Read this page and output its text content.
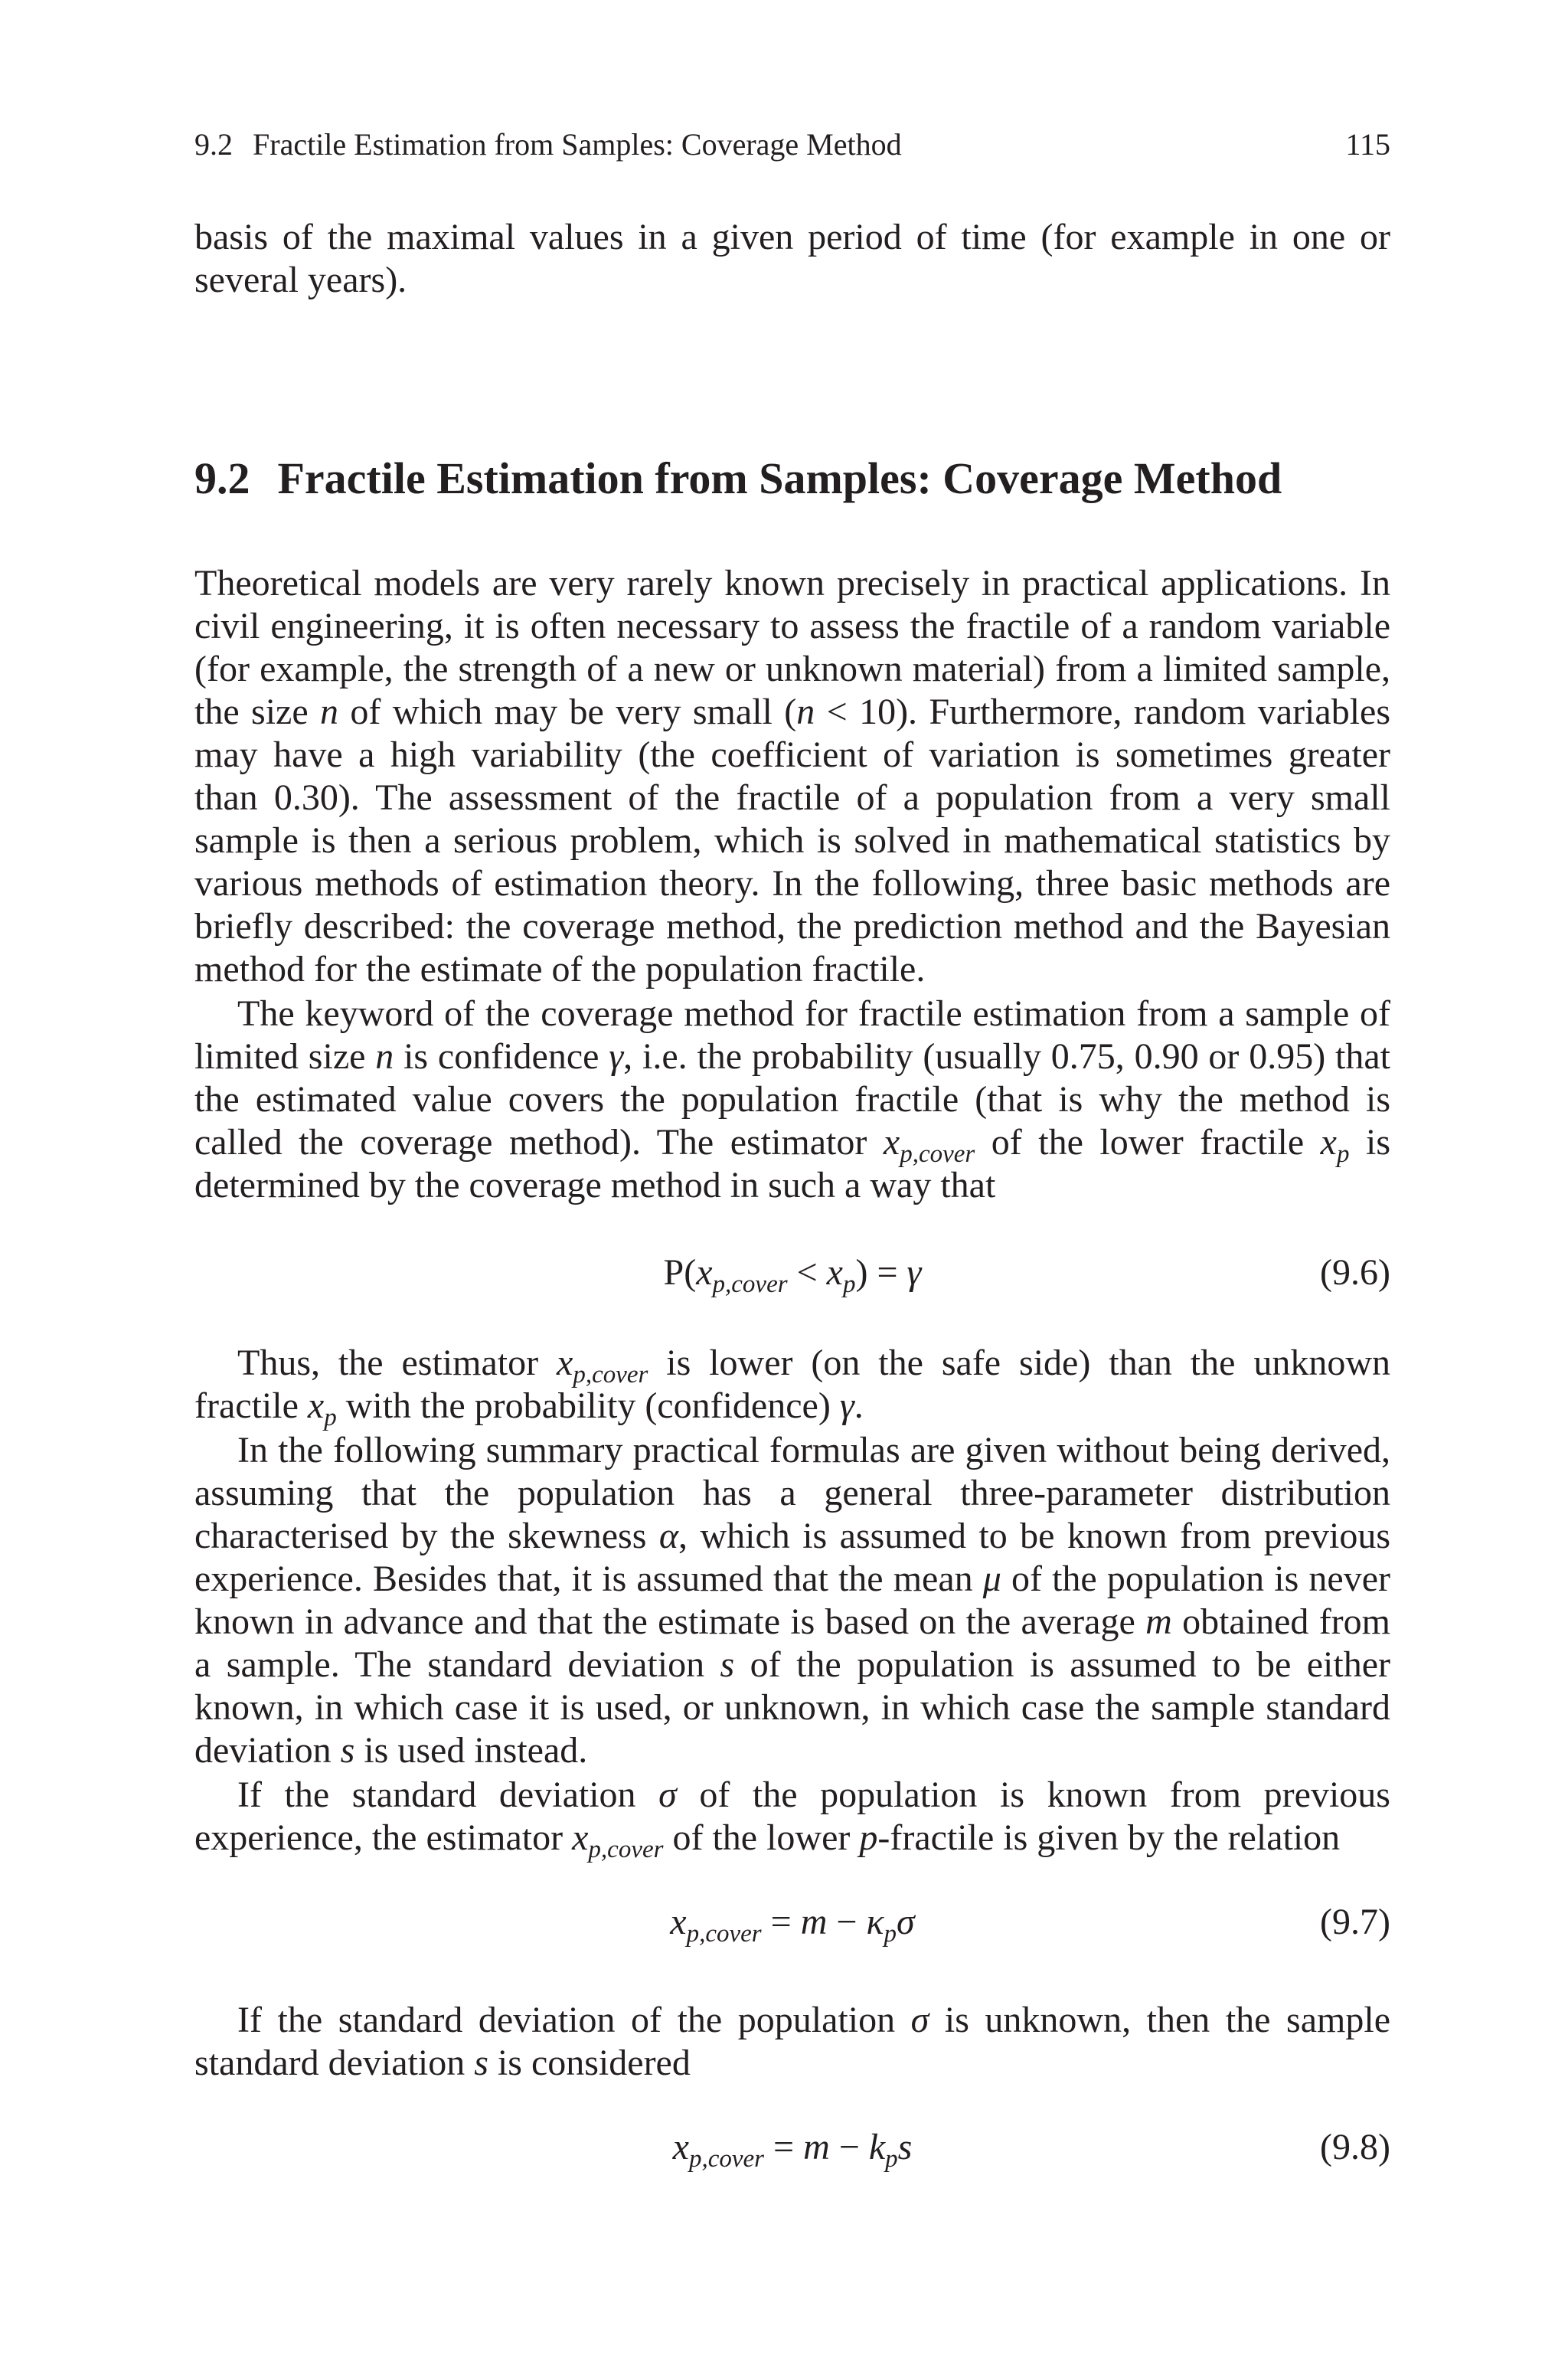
9.2 Fractile Estimation from Samples: Coverage Method	115

basis of the maximal values in a given period of time (for example in one or several years).

9.2 Fractile Estimation from Samples: Coverage Method

Theoretical models are very rarely known precisely in practical applications. In civil engineering, it is often necessary to assess the fractile of a random variable (for example, the strength of a new or unknown material) from a limited sample, the size n of which may be very small (n < 10). Furthermore, random variables may have a high variability (the coefficient of variation is sometimes greater than 0.30). The assessment of the fractile of a population from a very small sample is then a serious problem, which is solved in mathematical statistics by various methods of estimation theory. In the following, three basic methods are briefly described: the coverage method, the prediction method and the Bayesian method for the estimate of the population fractile.

The keyword of the coverage method for fractile estimation from a sample of limited size n is confidence γ, i.e. the probability (usually 0.75, 0.90 or 0.95) that the estimated value covers the population fractile (that is why the method is called the coverage method). The estimator $x_{p,cover}$ of the lower fractile $x_p$ is determined by the coverage method in such a way that

$P(x_{p,cover} < x_p) = \gamma$	(9.6)

Thus, the estimator $x_{p,cover}$ is lower (on the safe side) than the unknown fractile $x_p$ with the probability (confidence) γ.

In the following summary practical formulas are given without being derived, assuming that the population has a general three-parameter distribution characterised by the skewness α, which is assumed to be known from previous experience. Besides that, it is assumed that the mean μ of the population is never known in advance and that the estimate is based on the average m obtained from a sample. The standard deviation s of the population is assumed to be either known, in which case it is used, or unknown, in which case the sample standard deviation s is used instead.

If the standard deviation σ of the population is known from previous experience, the estimator $x_{p,cover}$ of the lower p-fractile is given by the relation

$x_{p,cover} = m - \kappa_p\sigma$	(9.7)

If the standard deviation of the population σ is unknown, then the sample standard deviation s is considered

$x_{p,cover} = m - k_ps$	(9.8)
